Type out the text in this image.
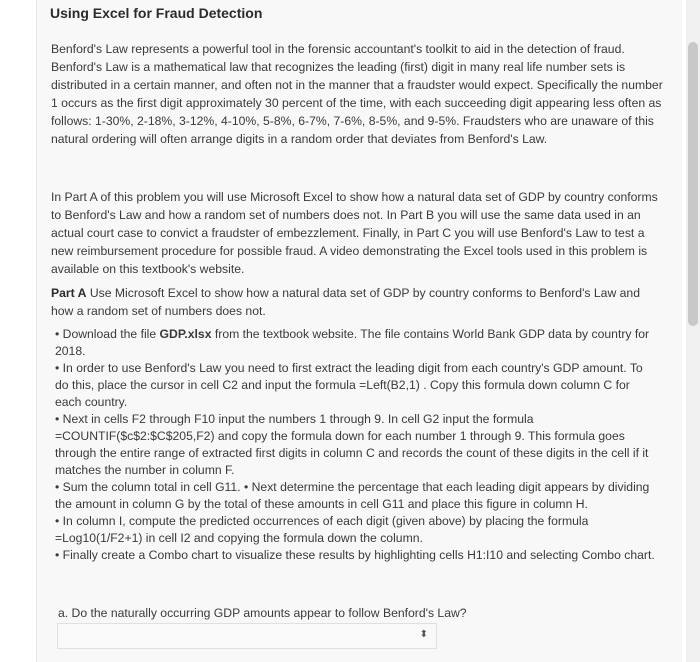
Using Excel for Fraud Detection
Benford's Law represents a powerful tool in the forensic accountant's toolkit to aid in the detection of fraud. Benford's Law is a mathematical law that recognizes the leading (first) digit in many real life number sets is distributed in a certain manner, and often not in the manner that a fraudster would expect. Specifically the number 1 occurs as the first digit approximately 30 percent of the time, with each succeeding digit appearing less often as follows: 1-30%, 2-18%, 3-12%, 4-10%, 5-8%, 6-7%, 7-6%, 8-5%, and 9-5%. Fraudsters who are unaware of this natural ordering will often arrange digits in a random order that deviates from Benford's Law.
In Part A of this problem you will use Microsoft Excel to show how a natural data set of GDP by country conforms to Benford's Law and how a random set of numbers does not. In Part B you will use the same data used in an actual court case to convict a fraudster of embezzlement. Finally, in Part C you will use Benford's Law to test a new reimbursement procedure for possible fraud. A video demonstrating the Excel tools used in this problem is available on this textbook's website.
Part A Use Microsoft Excel to show how a natural data set of GDP by country conforms to Benford's Law and how a random set of numbers does not.
• Download the file GDP.xlsx from the textbook website. The file contains World Bank GDP data by country for 2018.
• In order to use Benford's Law you need to first extract the leading digit from each country's GDP amount. To do this, place the cursor in cell C2 and input the formula =Left(B2,1) . Copy this formula down column C for each country.
• Next in cells F2 through F10 input the numbers 1 through 9. In cell G2 input the formula =COUNTIF($c$2:$C$205,F2) and copy the formula down for each number 1 through 9. This formula goes through the entire range of extracted first digits in column C and records the count of these digits in the cell if it matches the number in column F.
• Sum the column total in cell G11. • Next determine the percentage that each leading digit appears by dividing the amount in column G by the total of these amounts in cell G11 and place this figure in column H.
• In column I, compute the predicted occurrences of each digit (given above) by placing the formula =Log10(1/F2+1) in cell I2 and copying the formula down the column.
• Finally create a Combo chart to visualize these results by highlighting cells H1:I10 and selecting Combo chart.
a. Do the naturally occurring GDP amounts appear to follow Benford's Law?
⬍
